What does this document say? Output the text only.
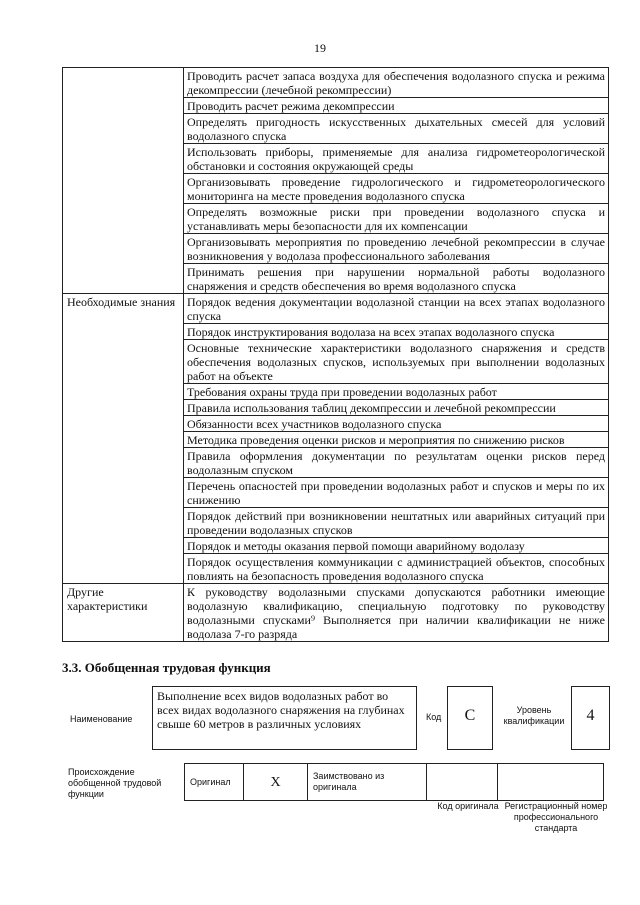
19
	Проводить расчет запаса воздуха для обеспечения водолазного спуска и режима декомпрессии (лечебной рекомпрессии)
	Проводить расчет режима декомпрессии
	Определять пригодность искусственных дыхательных смесей для условий водолазного спуска
	Использовать приборы, применяемые для анализа гидрометеорологической обстановки и состояния окружающей среды
	Организовывать проведение гидрологического и гидрометеорологического мониторинга на месте проведения водолазного спуска
	Определять возможные риски при проведении водолазного спуска и устанавливать меры безопасности для их компенсации
	Организовывать мероприятия по проведению лечебной рекомпрессии в случае возникновения у водолаза профессионального заболевания
	Принимать решения при нарушении нормальной работы водолазного снаряжения и средств обеспечения во время водолазного спуска
Необходимые знания	Порядок ведения документации водолазной станции на всех этапах водолазного спуска
	Порядок инструктирования водолаза на всех этапах водолазного спуска
	Основные технические характеристики водолазного снаряжения и средств обеспечения водолазных спусков, используемых при выполнении водолазных работ на объекте
	Требования охраны труда при проведении водолазных работ
	Правила использования таблиц декомпрессии и лечебной рекомпрессии
	Обязанности всех участников водолазного спуска
	Методика проведения оценки рисков и мероприятия по снижению рисков
	Правила оформления документации по результатам оценки рисков перед водолазным спуском
	Перечень опасностей при проведении водолазных работ и спусков и меры по их снижению
	Порядок действий при возникновении нештатных или аварийных ситуаций при проведении водолазных спусков
	Порядок и методы оказания первой помощи аварийному водолазу
	Порядок осуществления коммуникации с администрацией объектов, способных повлиять на безопасность проведения водолазного спуска
Другие характеристики	К руководству водолазными спусками допускаются работники имеющие водолазную квалификацию, специальную подготовку по руководству водолазными спусками⁹ Выполняется при наличии квалификации не ниже водолаза 7-го разряда
3.3. Обобщенная трудовая функция
Наименование
Выполнение всех видов водолазных работ во всех видах водолазного снаряжения на глубинах свыше 60 метров в различных условиях	Код	С	Уровень квалификации	4
Происхождение обобщенной трудовой функции
Оригинал	X	Заимствовано из оригинала		
Код оригинала Регистрационный номер профессионального стандарта
